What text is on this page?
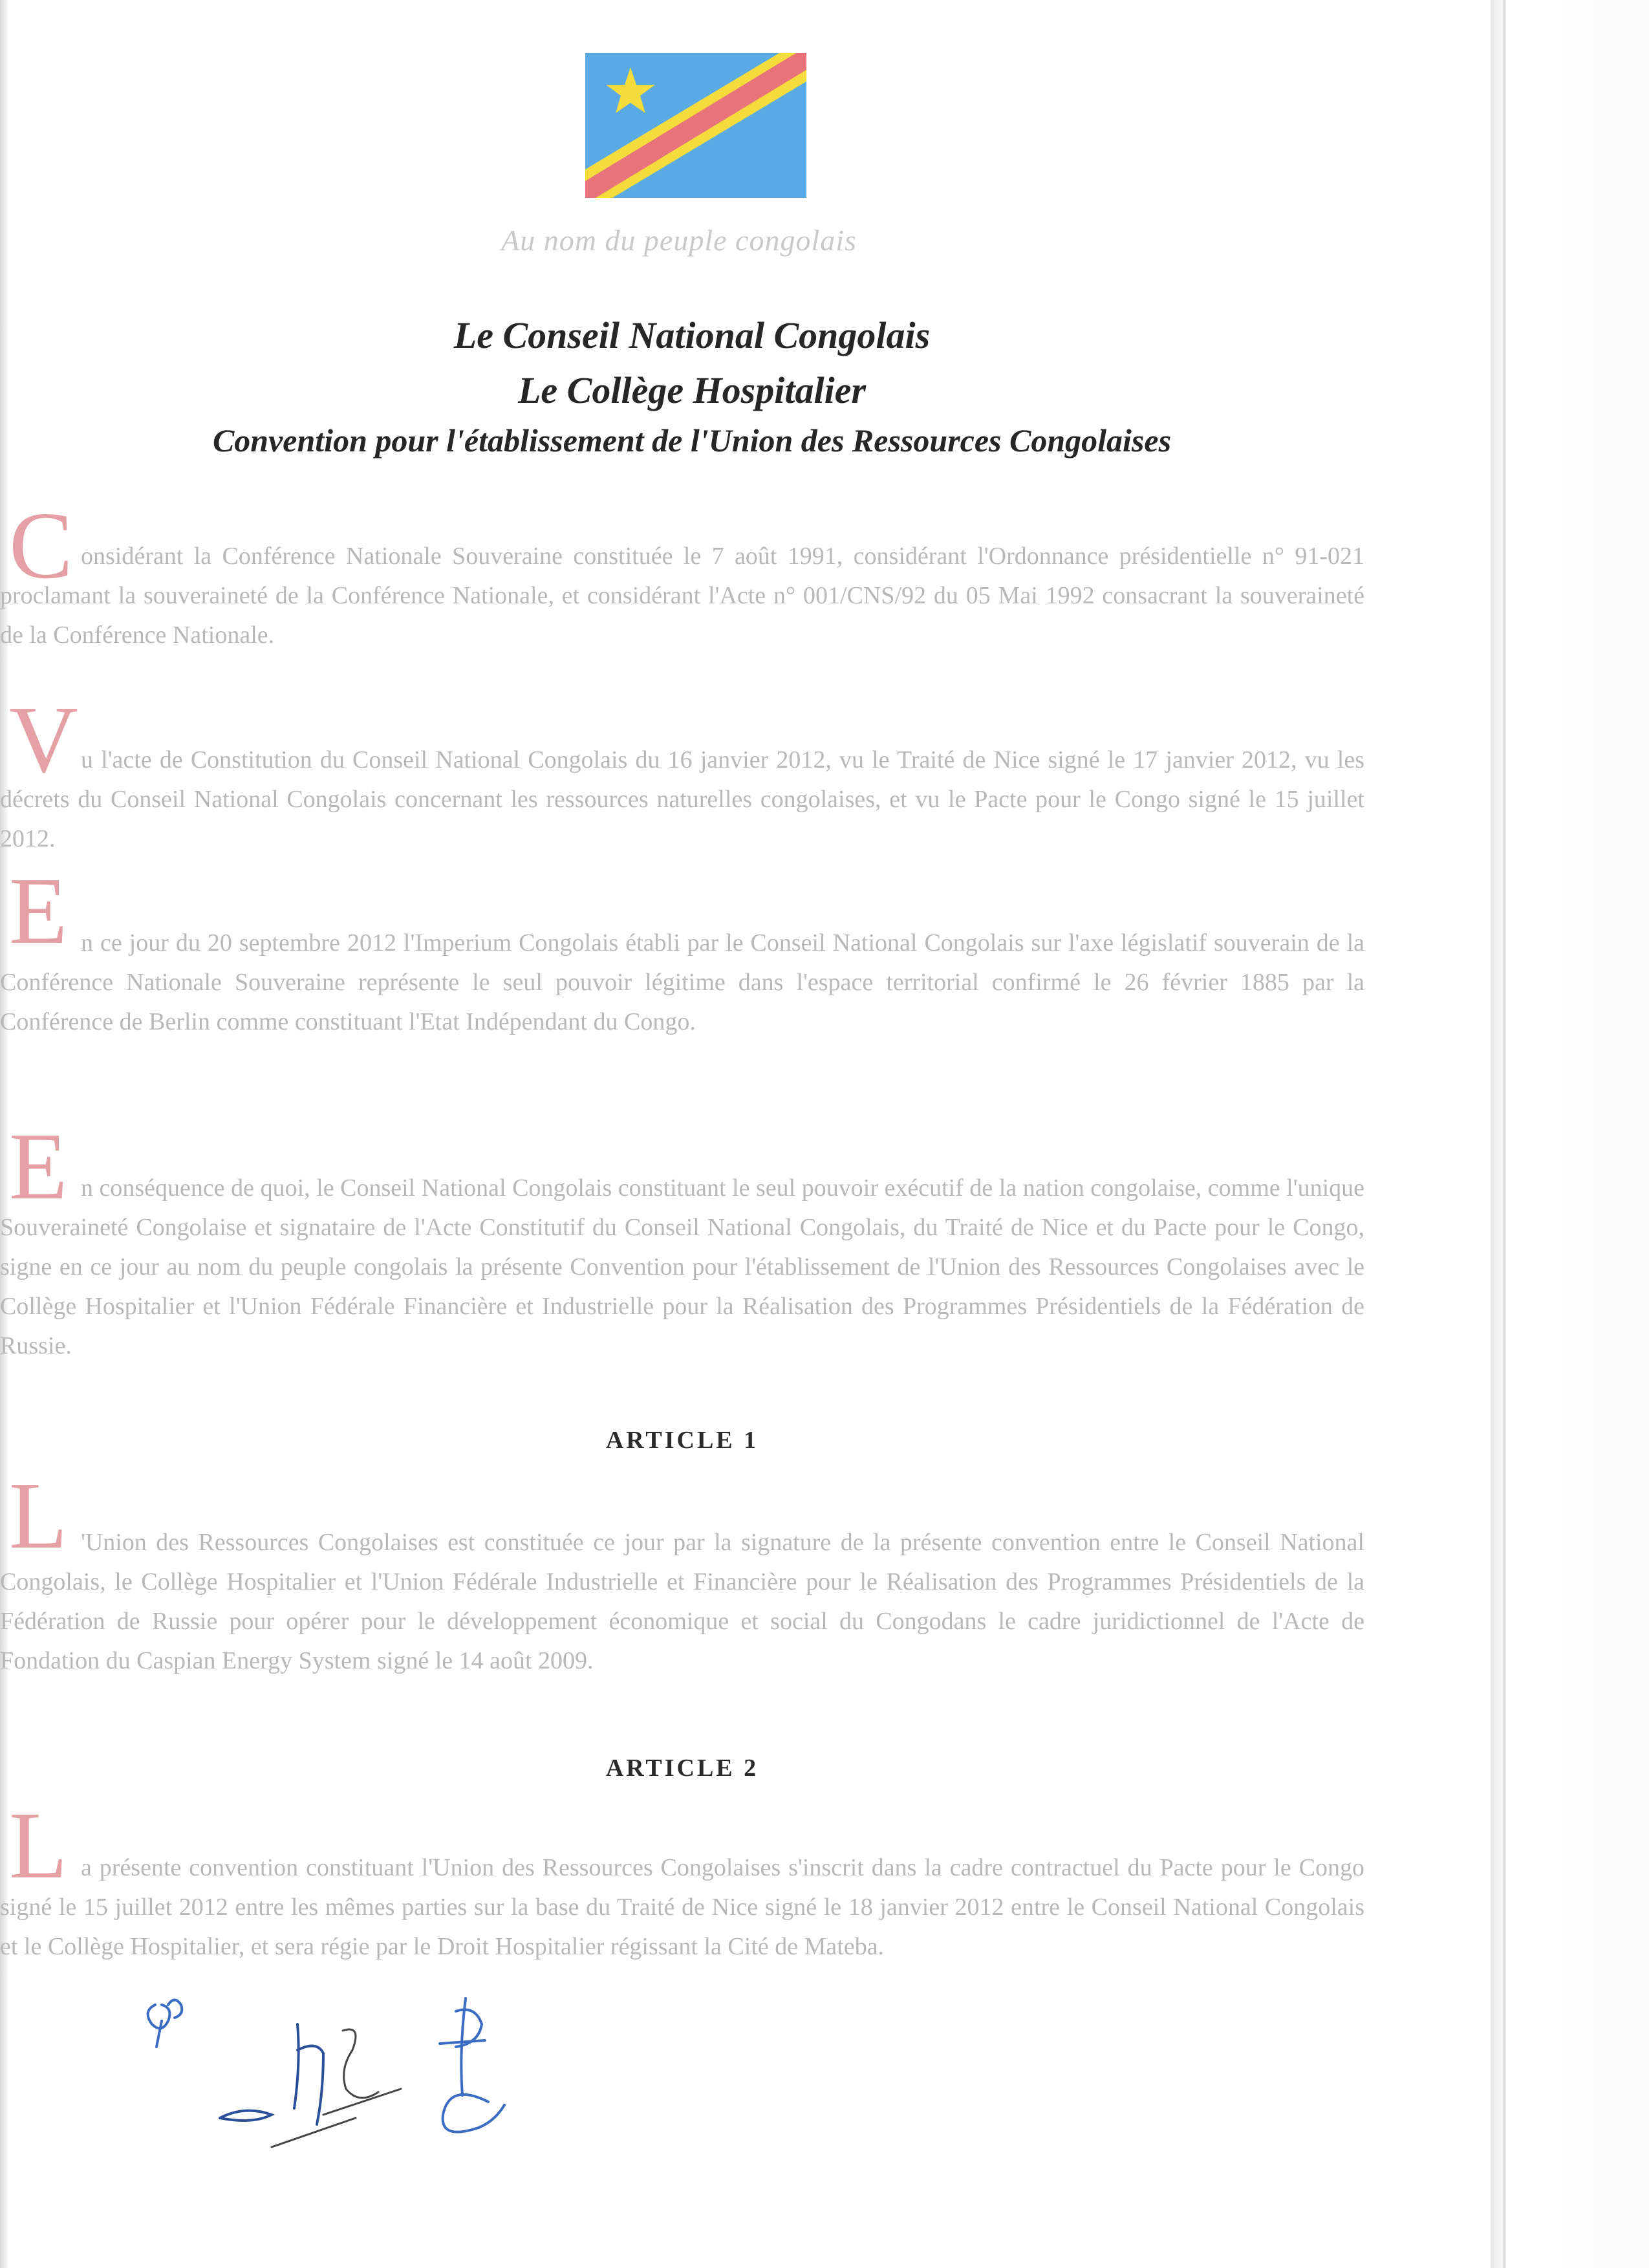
Au nom du peuple congolais
Le Conseil National Congolais
Le Collège Hospitalier
Convention pour l'établissement de l'Union des Ressources Congolaises
C onsidérant la Conférence Nationale Souveraine constituée le 7 août 1991, considérant l'Ordonnance présidentielle n° 91-021 proclamant la souveraineté de la Conférence Nationale, et considérant l'Acte n° 001/CNS/92 du 05 Mai 1992 consacrant la souveraineté de la Conférence Nationale.
V u l'acte de Constitution du Conseil National Congolais du 16 janvier 2012, vu le Traité de Nice signé le 17 janvier 2012, vu les décrets du Conseil National Congolais concernant les ressources naturelles congolaises, et vu le Pacte pour le Congo signé le 15 juillet 2012.
E n ce jour du 20 septembre 2012 l'Imperium Congolais établi par le Conseil National Congolais sur l'axe législatif souverain de la Conférence Nationale Souveraine représente le seul pouvoir légitime dans l'espace territorial confirmé le 26 février 1885 par la Conférence de Berlin comme constituant l'Etat Indépendant du Congo.
E n conséquence de quoi, le Conseil National Congolais constituant le seul pouvoir exécutif de la nation congolaise, comme l'unique Souveraineté Congolaise et signataire de l'Acte Constitutif du Conseil National Congolais, du Traité de Nice et du Pacte pour le Congo, signe en ce jour au nom du peuple congolais la présente Convention pour l'établissement de l'Union des Ressources Congolaises avec le Collège Hospitalier et l'Union Fédérale Financière et Industrielle pour la Réalisation des Programmes Présidentiels de la Fédération de Russie.
ARTICLE 1
L 'Union des Ressources Congolaises est constituée ce jour par la signature de la présente convention entre le Conseil National Congolais, le Collège Hospitalier et l'Union Fédérale Industrielle et Financière pour le Réalisation des Programmes Présidentiels de la Fédération de Russie pour opérer pour le développement économique et social du Congodans le cadre juridictionnel de l'Acte de Fondation du Caspian Energy System signé le 14 août 2009.
ARTICLE 2
L a présente convention constituant l'Union des Ressources Congolaises s'inscrit dans la cadre contractuel du Pacte pour le Congo signé le 15 juillet 2012 entre les mêmes parties sur la base du Traité de Nice signé le 18 janvier 2012 entre le Conseil National Congolais et le Collège Hospitalier, et sera régie par le Droit Hospitalier régissant la Cité de Mateba.
